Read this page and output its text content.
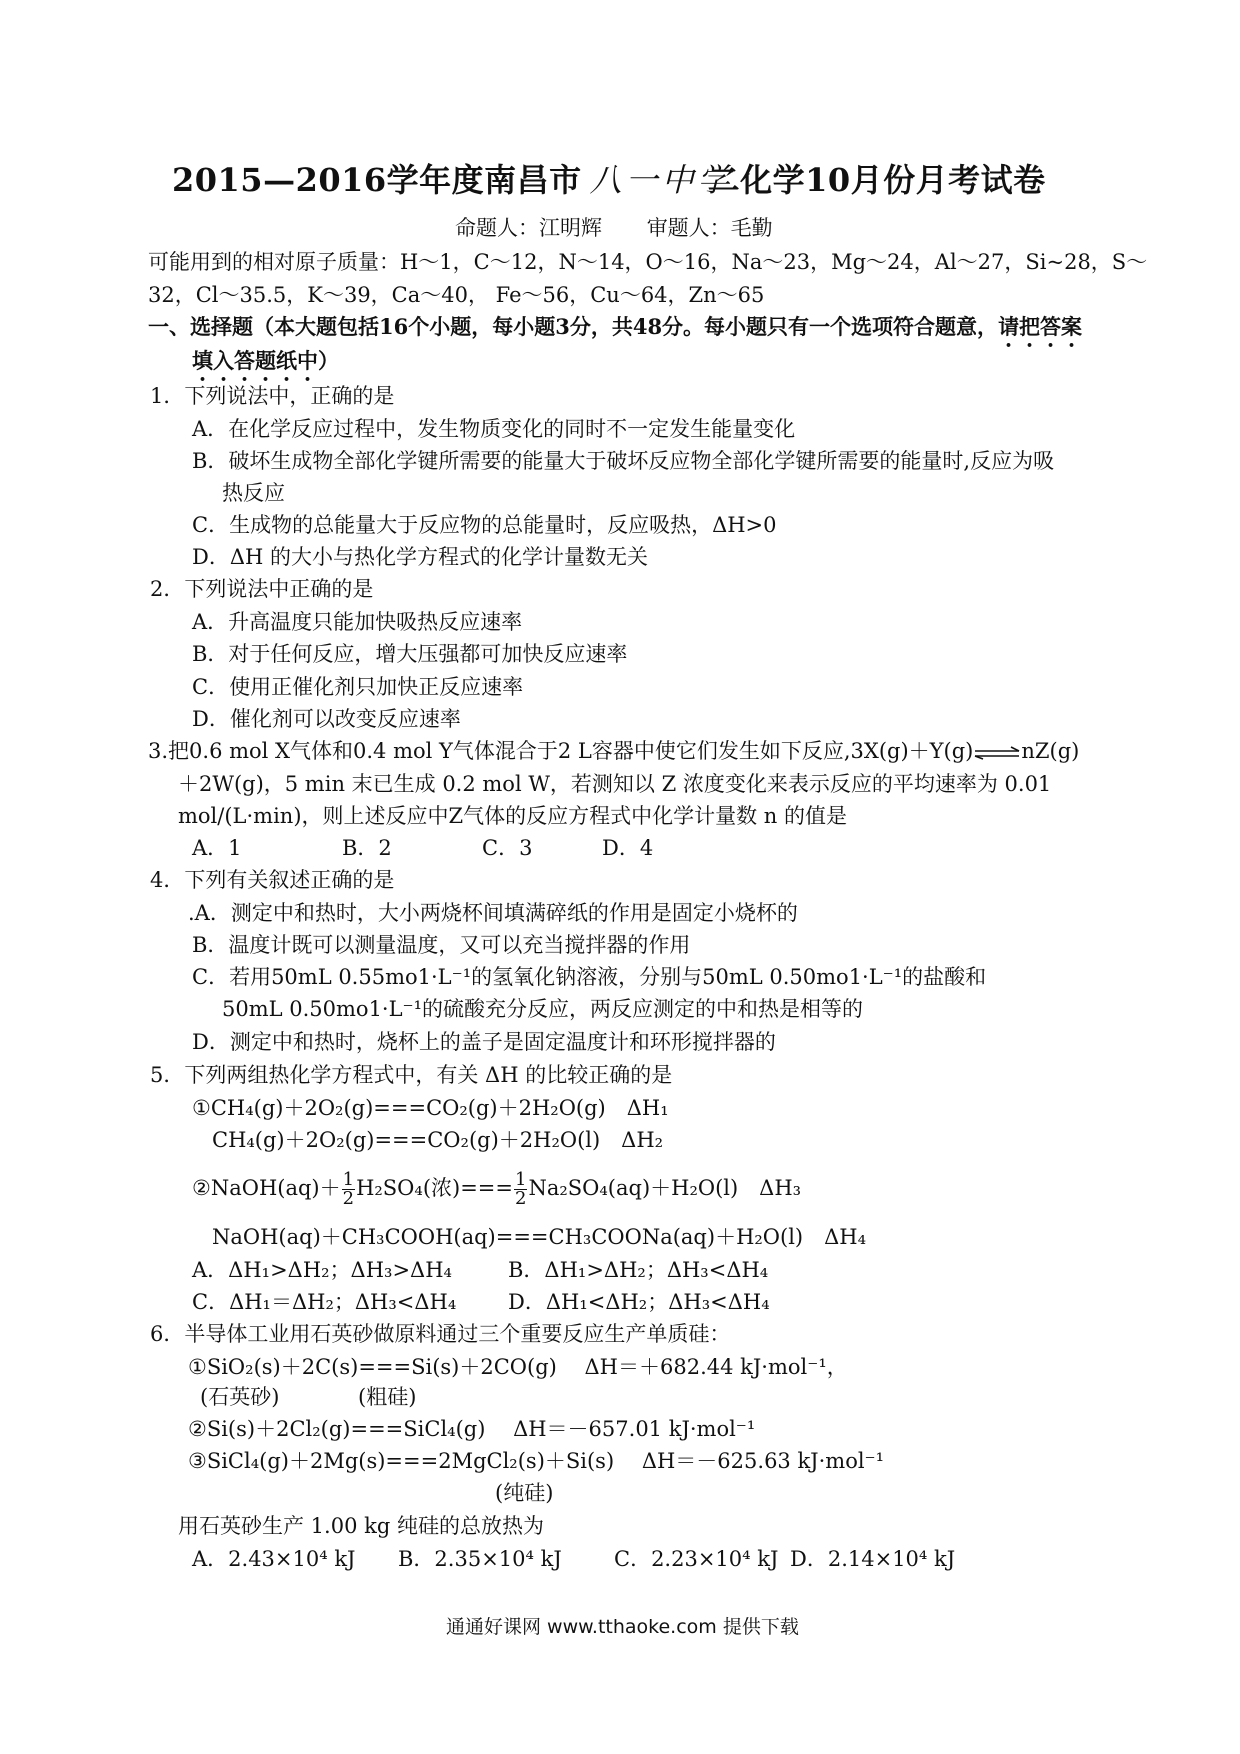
2015—2016学年度南昌市 八一中学二化学10月份月考试卷
命题人：江明辉 审题人：毛勤
可能用到的相对原子质量：H～1，C～12，N～14，O～16，Na～23，Mg～24，Al～27，Si~28，S～
32，Cl～35.5，K～39，Ca～40， Fe～56，Cu～64，Zn～65
一、选择题（本大题包括16个小题，每小题3分，共48分。每小题只有一个选项符合题意，请把答案
填入答题纸中）
1．下列说法中，正确的是
A．在化学反应过程中，发生物质变化的同时不一定发生能量变化
B．破坏生成物全部化学键所需要的能量大于破坏反应物全部化学键所需要的能量时,反应为吸
热反应
C．生成物的总能量大于反应物的总能量时，反应吸热，ΔH>0
D．ΔH 的大小与热化学方程式的化学计量数无关
2．下列说法中正确的是
A．升高温度只能加快吸热反应速率
B．对于任何反应，增大压强都可加快反应速率
C．使用正催化剂只加快正反应速率
D．催化剂可以改变反应速率
3.把0.6 mol X气体和0.4 mol Y气体混合于2 L容器中使它们发生如下反应,3X(g)＋Y(g)⇌nZ(g)
＋2W(g)，5 min 末已生成 0.2 mol W，若测知以 Z 浓度变化来表示反应的平均速率为 0.01
mol/(L·min)，则上述反应中Z气体的反应方程式中化学计量数 n 的值是
A．1	B．2	C．3	D．4
4．下列有关叙述正确的是
.A．测定中和热时，大小两烧杯间填满碎纸的作用是固定小烧杯的
B．温度计既可以测量温度，又可以充当搅拌器的作用
C．若用50mL 0.55mo1·L⁻¹的氢氧化钠溶液，分别与50mL 0.50mo1·L⁻¹的盐酸和
50mL 0.50mo1·L⁻¹的硫酸充分反应，两反应测定的中和热是相等的
D．测定中和热时，烧杯上的盖子是固定温度计和环形搅拌器的
5．下列两组热化学方程式中，有关 ΔH 的比较正确的是
①CH₄(g)＋2O₂(g)===CO₂(g)＋2H₂O(g)　ΔH₁
CH₄(g)＋2O₂(g)===CO₂(g)＋2H₂O(l)　ΔH₂
②NaOH(aq)＋ $\frac{1}{2} H_2SO_4$(浓)=== $\frac{1}{2} Na_2SO_4(aq)+H_2O(l)$　ΔH₃
NaOH(aq)＋CH₃COOH(aq)===CH₃COONa(aq)＋H₂O(l)　ΔH₄
A．ΔH₁>ΔH₂；ΔH₃>ΔH₄	B．ΔH₁>ΔH₂；ΔH₃<ΔH₄
C．ΔH₁＝ΔH₂；ΔH₃<ΔH₄ D．ΔH₁<ΔH₂；ΔH₃<ΔH₄
6．半导体工业用石英砂做原料通过三个重要反应生产单质硅：
①SiO₂(s)＋2C(s)===Si(s)＋2CO(g)　 ΔH＝＋682.44 kJ·mol⁻¹，
(石英砂)	(粗硅)
②Si(s)＋2Cl₂(g)===SiCl₄(g)　 ΔH＝－657.01 kJ·mol⁻¹
③SiCl₄(g)＋2Mg(s)===2MgCl₂(s)＋Si(s)　 ΔH＝－625.63 kJ·mol⁻¹
(纯硅)
用石英砂生产 1.00 kg 纯硅的总放热为
A．2.43×10⁴ kJ B．2.35×10⁴ kJ C．2.23×10⁴ kJ D．2.14×10⁴ kJ
通通好课网 www.tthaoke.com 提供下载
